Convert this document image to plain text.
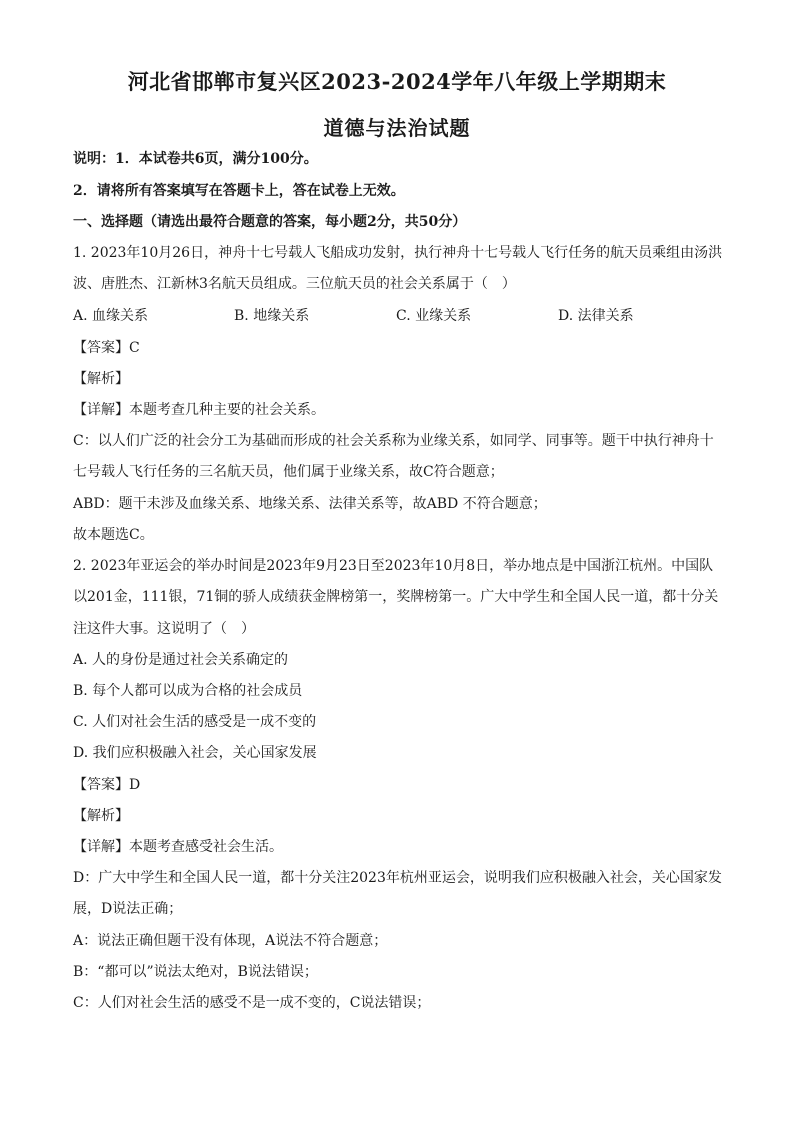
河北省邯郸市复兴区2023-2024学年八年级上学期期末
道德与法治试题
说明：1．本试卷共6页，满分100分。
2．请将所有答案填写在答题卡上，答在试卷上无效。
一、选择题（请选出最符合题意的答案，每小题2分，共50分）
1. 2023年10月26日，神舟十七号载人飞船成功发射，执行神舟十七号载人飞行任务的航天员乘组由汤洪
波、唐胜杰、江新林3名航天员组成。三位航天员的社会关系属于（　）
A. 血缘关系	B. 地缘关系	C. 业缘关系	D. 法律关系
【答案】C
【解析】
【详解】本题考查几种主要的社会关系。
C：以人们广泛的社会分工为基础而形成的社会关系称为业缘关系，如同学、同事等。题干中执行神舟十
七号载人飞行任务的三名航天员，他们属于业缘关系，故C符合题意；
ABD：题干未涉及血缘关系、地缘关系、法律关系等，故ABD 不符合题意；
故本题选C。
2. 2023年亚运会的举办时间是2023年9月23日至2023年10月8日，举办地点是中国浙江杭州。中国队
以201金，111银，71铜的骄人成绩获金牌榜第一，奖牌榜第一。广大中学生和全国人民一道，都十分关
注这件大事。这说明了（　）
A. 人的身份是通过社会关系确定的
B. 每个人都可以成为合格的社会成员
C. 人们对社会生活的感受是一成不变的
D. 我们应积极融入社会，关心国家发展
【答案】D
【解析】
【详解】本题考查感受社会生活。
D：广大中学生和全国人民一道，都十分关注2023年杭州亚运会，说明我们应积极融入社会，关心国家发
展，D说法正确；
A：说法正确但题干没有体现，A说法不符合题意；
B：“都可以”说法太绝对，B说法错误；
C：人们对社会生活的感受不是一成不变的，C说法错误；
